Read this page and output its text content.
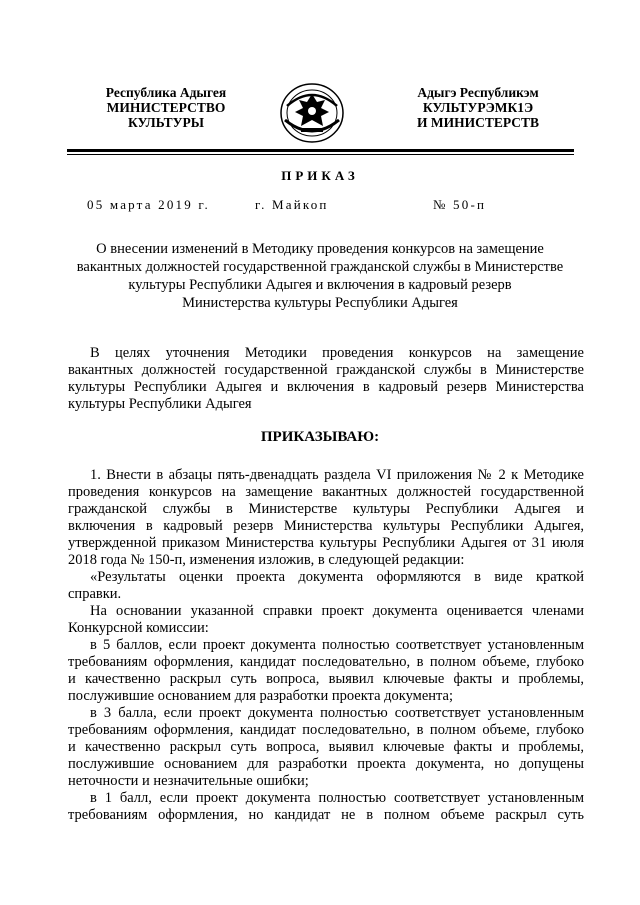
Республика Адыгея
МИНИСТЕРСТВО
КУЛЬТУРЫ
Адыгэ Республикэм
КУЛЬТУРЭМК1Э
И МИНИСТЕРСТВ
ПРИКАЗ
05 марта 2019 г.	г. Майкоп	№ 50-п
О внесении изменений в Методику проведения конкурсов на замещение
вакантных должностей государственной гражданской службы в Министерстве
культуры Республики Адыгея и включения в кадровый резерв
Министерства культуры Республики Адыгея
В целях уточнения Методики проведения конкурсов на замещение
вакантных должностей государственной гражданской службы в Министерстве
культуры Республики Адыгея и включения в кадровый резерв Министерства
культуры Республики Адыгея
ПРИКАЗЫВАЮ:
1. Внести в абзацы пять-двенадцать раздела VI приложения № 2 к Методике
проведения конкурсов на замещение вакантных должностей государственной
гражданской службы в Министерстве культуры Республики Адыгея и
включения в кадровый резерв Министерства культуры Республики Адыгея,
утвержденной приказом Министерства культуры Республики Адыгея от 31 июля
2018 года № 150-п, изменения изложив, в следующей редакции:
«Результаты оценки проекта документа оформляются в виде краткой
справки.
На основании указанной справки проект документа оценивается членами
Конкурсной комиссии:
в 5 баллов, если проект документа полностью соответствует установленным
требованиям оформления, кандидат последовательно, в полном объеме, глубоко
и качественно раскрыл суть вопроса, выявил ключевые факты и проблемы,
послужившие основанием для разработки проекта документа;
в 3 балла, если проект документа полностью соответствует установленным
требованиям оформления, кандидат последовательно, в полном объеме, глубоко
и качественно раскрыл суть вопроса, выявил ключевые факты и проблемы,
послужившие основанием для разработки проекта документа, но допущены
неточности и незначительные ошибки;
в 1 балл, если проект документа полностью соответствует установленным
требованиям оформления, но кандидат не в полном объеме раскрыл суть
